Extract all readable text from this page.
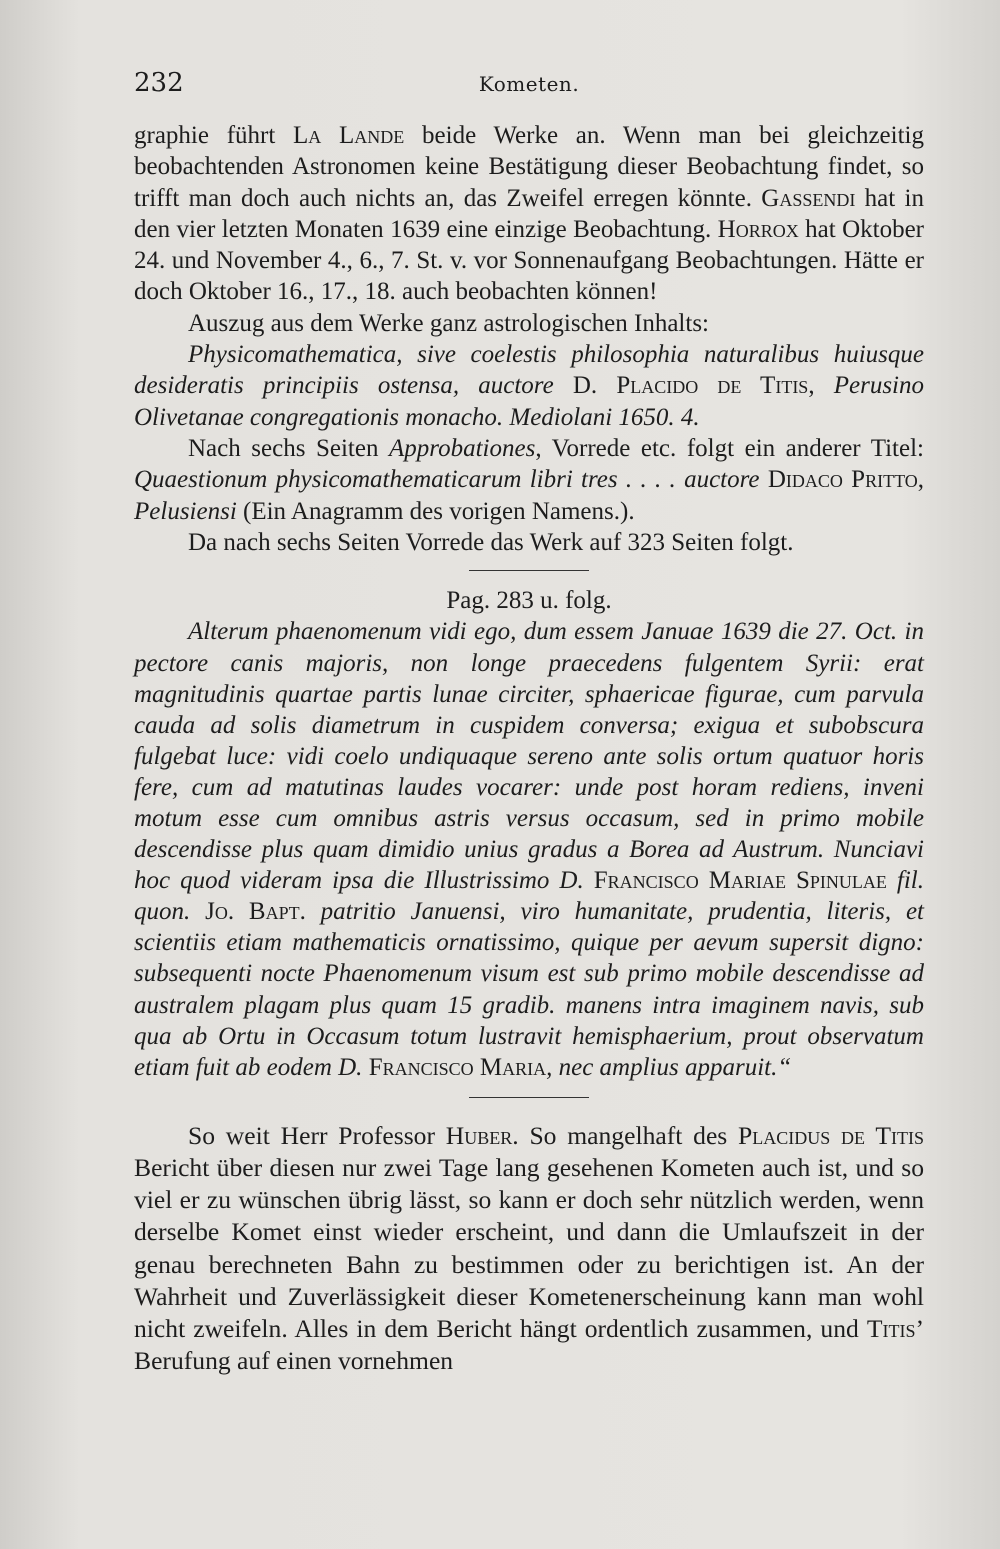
232	Kometen.

graphie führt La Lande beide Werke an. Wenn man bei gleichzeitig beobachtenden Astronomen keine Bestätigung dieser Beobachtung findet, so trifft man doch auch nichts an, das Zweifel erregen könnte. Gassendi hat in den vier letzten Monaten 1639 eine einzige Beobachtung. Horrox hat Oktober 24. und November 4., 6., 7. St. v. vor Sonnenaufgang Beobachtungen. Hätte er doch Oktober 16., 17., 18. auch beobachten können!

Auszug aus dem Werke ganz astrologischen Inhalts:

Physicomathematica, sive coelestis philosophia naturalibus huiusque desideratis principiis ostensa, auctore D. Placido de Titis, Perusino Olivetanae congregationis monacho. Mediolani 1650. 4.

Nach sechs Seiten Approbationes, Vorrede etc. folgt ein anderer Titel: Quaestionum physicomathematicarum libri tres . . . . auctore Didaco Pritto, Pelusiensi (Ein Anagramm des vorigen Namens.).

Da nach sechs Seiten Vorrede das Werk auf 323 Seiten folgt.

Pag. 283 u. folg.

Alterum phaenomenum vidi ego, dum essem Januae 1639 die 27. Oct. in pectore canis majoris, non longe praecedens fulgentem Syrii: erat magnitudinis quartae partis lunae circiter, sphaericae figurae, cum parvula cauda ad solis diametrum in cuspidem conversa; exigua et subobscura fulgebat luce: vidi coelo undiquaque sereno ante solis ortum quatuor horis fere, cum ad matutinas laudes vocarer: unde post horam rediens, inveni motum esse cum omnibus astris versus occasum, sed in primo mobile descendisse plus quam dimidio unius gradus a Borea ad Austrum. Nunciavi hoc quod videram ipsa die Illustrissimo D. Francisco Mariae Spinulae fil. quon. Jo. Bapt. patritio Januensi, viro humanitate, prudentia, literis, et scientiis etiam mathematicis ornatissimo, quique per aevum supersit digno: subsequenti nocte Phaenomenum visum est sub primo mobile descendisse ad australem plagam plus quam 15 gradib. manens intra imaginem navis, sub qua ab Ortu in Occasum totum lustravit hemisphaerium, prout observatum etiam fuit ab eodem D. Francisco Maria, nec amplius apparuit.“

So weit Herr Professor Huber. So mangelhaft des Placidus de Titis Bericht über diesen nur zwei Tage lang gesehenen Kometen auch ist, und so viel er zu wünschen übrig lässt, so kann er doch sehr nützlich werden, wenn derselbe Komet einst wieder erscheint, und dann die Umlaufszeit in der genau berechneten Bahn zu bestimmen oder zu berichtigen ist. An der Wahrheit und Zuverlässigkeit dieser Kometenerscheinung kann man wohl nicht zweifeln. Alles in dem Bericht hängt ordentlich zusammen, und Titis’ Berufung auf einen vornehmen
